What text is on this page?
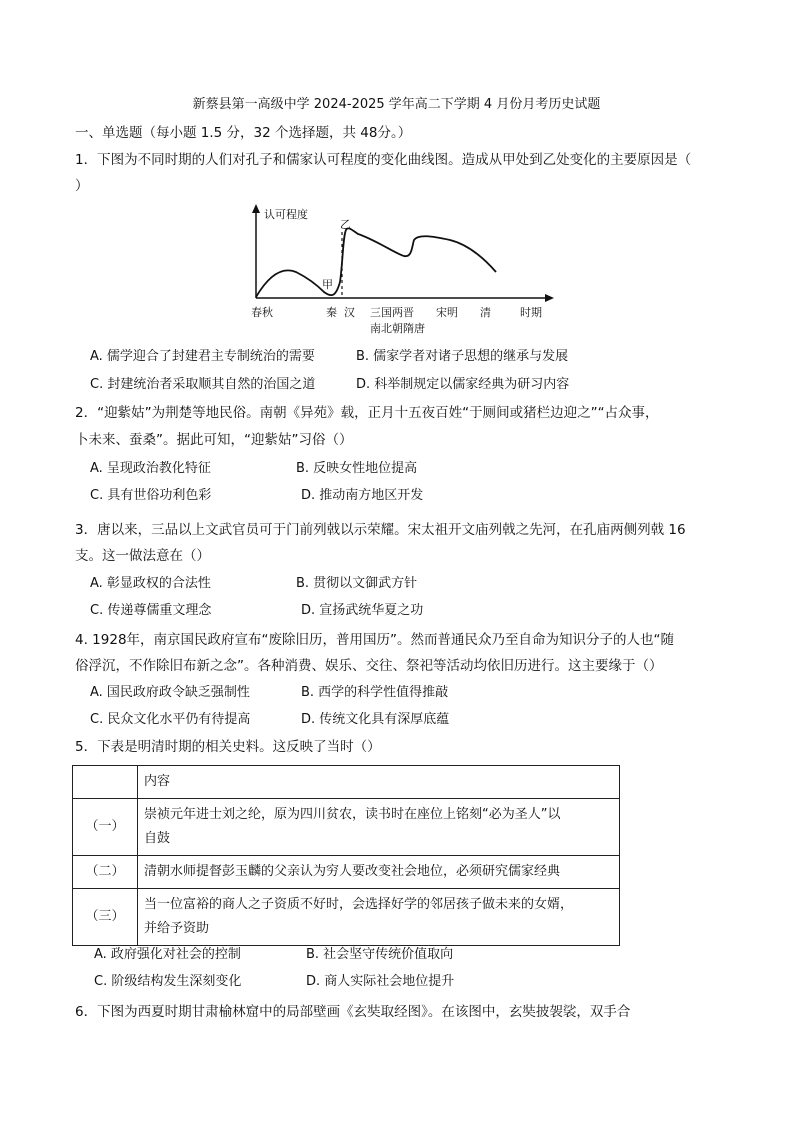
新蔡县第一高级中学 2024-2025 学年高二下学期 4 月份月考历史试题
一、单选题（每小题 1.5 分，32 个选择题，共 48分。）
1．下图为不同时期的人们对孔子和儒家认可程度的变化曲线图。造成从甲处到乙处变化的主要原因是（
）
认可程度
乙
甲
春秋	秦 汉 三国两晋 宋明 清	时期
南北朝隋唐
A. 儒学迎合了封建君主专制统治的需要	B. 儒家学者对诸子思想的继承与发展
C. 封建统治者采取顺其自然的治国之道	D. 科举制规定以儒家经典为研习内容
2．“迎紫姑”为荆楚等地民俗。南朝《异苑》载，正月十五夜百姓“于厕间或猪栏边迎之”“占众事，
卜未来、蚕桑”。据此可知，“迎紫姑”习俗（）
A. 呈现政治教化特征	B. 反映女性地位提高
C. 具有世俗功利色彩	D. 推动南方地区开发
3．唐以来，三品以上文武官员可于门前列戟以示荣耀。宋太祖开文庙列戟之先河，在孔庙两侧列戟 16
支。这一做法意在（）
A. 彰显政权的合法性	B. 贯彻以文御武方针
C. 传递尊儒重文理念	D. 宣扬武统华夏之功
4. 1928年，南京国民政府宣布“废除旧历，普用国历”。然而普通民众乃至自命为知识分子的人也“随
俗浮沉，不作除旧布新之念”。各种消费、娱乐、交往、祭祀等活动均依旧历进行。这主要缘于（）
A. 国民政府政令缺乏强制性	B. 西学的科学性值得推敲
C. 民众文化水平仍有待提高	D. 传统文化具有深厚底蕴
5．下表是明清时期的相关史料。这反映了当时（）
	内容
（一）	崇祯元年进士刘之纶，原为四川贫农，读书时在座位上铭刻“必为圣人”以
自鼓

（二）	清朝水师提督彭玉麟的父亲认为穷人要改变社会地位，必须研究儒家经典
（三）	当一位富裕的商人之子资质不好时，会选择好学的邻居孩子做未来的女婿，
并给予资助
A. 政府强化对社会的控制	B. 社会坚守传统价值取向
C. 阶级结构发生深刻变化	D. 商人实际社会地位提升
6．下图为西夏时期甘肃榆林窟中的局部壁画《玄奘取经图》。在该图中，玄奘披袈裟，双手合
